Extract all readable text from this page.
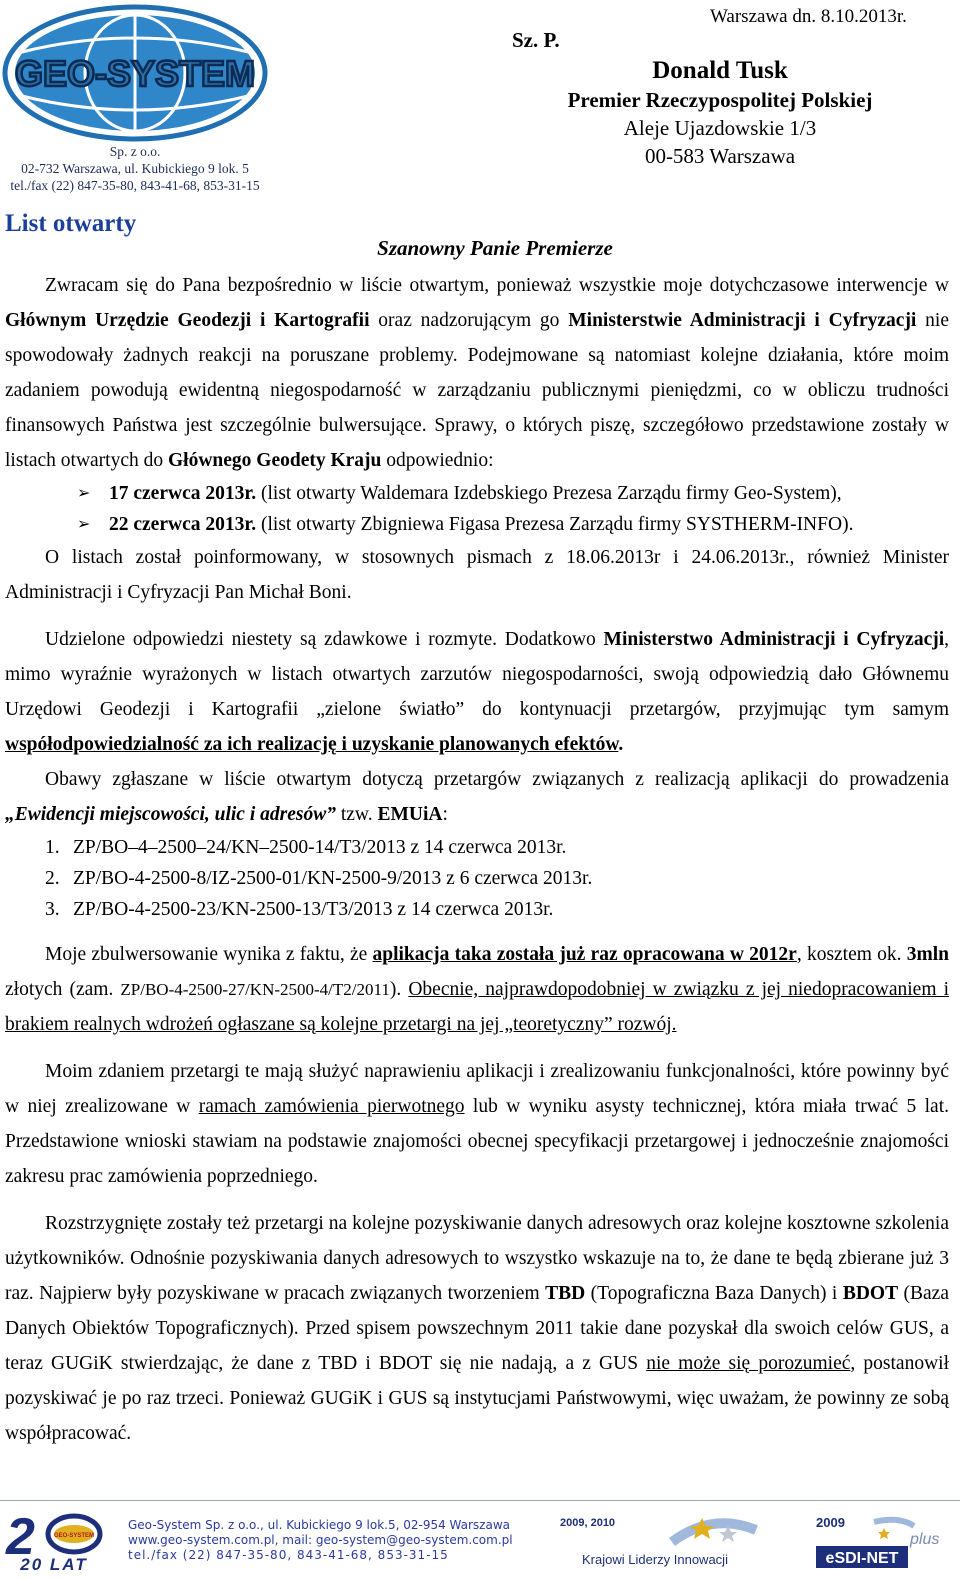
GEO-SYSTEM
Sp. z o.o.
02-732 Warszawa, ul. Kubickiego 9 lok. 5
tel./fax (22) 847-35-80, 843-41-68, 853-31-15
Sz. P.
Warszawa dn. 8.10.2013r.
Donald Tusk
Premier Rzeczypospolitej Polskiej
Aleje Ujazdowskie 1/3
00-583 Warszawa
List otwarty
Szanowny Panie Premierze

Zwracam się do Pana bezpośrednio w liście otwartym, ponieważ wszystkie moje dotychczasowe interwencje w Głównym Urzędzie Geodezji i Kartografii oraz nadzorującym go Ministerstwie Administracji i Cyfryzacji nie spowodowały żadnych reakcji na poruszane problemy. Podejmowane są natomiast kolejne działania, które moim zadaniem powodują ewidentną niegospodarność w zarządzaniu publicznymi pieniędzmi, co w obliczu trudności finansowych Państwa jest szczególnie bulwersujące. Sprawy, o których piszę, szczegółowo przedstawione zostały w listach otwartych do Głównego Geodety Kraju odpowiednio:

➢ 17 czerwca 2013r. (list otwarty Waldemara Izdebskiego Prezesa Zarządu firmy Geo-System),
➢ 22 czerwca 2013r. (list otwarty Zbigniewa Figasa Prezesa Zarządu firmy SYSTHERM-INFO).

O listach został poinformowany, w stosownych pismach z 18.06.2013r i 24.06.2013r., również Minister Administracji i Cyfryzacji Pan Michał Boni.

Udzielone odpowiedzi niestety są zdawkowe i rozmyte. Dodatkowo Ministerstwo Administracji i Cyfryzacji, mimo wyraźnie wyrażonych w listach otwartych zarzutów niegospodarności, swoją odpowiedzią dało Głównemu Urzędowi Geodezji i Kartografii „zielone światło” do kontynuacji przetargów, przyjmując tym samym współodpowiedzialność za ich realizację i uzyskanie planowanych efektów.

Obawy zgłaszane w liście otwartym dotyczą przetargów związanych z realizacją aplikacji do prowadzenia „Ewidencji miejscowości, ulic i adresów” tzw. EMUiA:

1. ZP/BO–4–2500–24/KN–2500-14/T3/2013 z 14 czerwca 2013r.
2. ZP/BO-4-2500-8/IZ-2500-01/KN-2500-9/2013 z 6 czerwca 2013r.
3. ZP/BO-4-2500-23/KN-2500-13/T3/2013 z 14 czerwca 2013r.

Moje zbulwersowanie wynika z faktu, że aplikacja taka została już raz opracowana w 2012r, kosztem ok. 3mln złotych (zam. ZP/BO-4-2500-27/KN-2500-4/T2/2011). Obecnie, najprawdopodobniej w związku z jej niedopracowaniem i brakiem realnych wdrożeń ogłaszane są kolejne przetargi na jej „teoretyczny” rozwój.

Moim zdaniem przetargi te mają służyć naprawieniu aplikacji i zrealizowaniu funkcjonalności, które powinny być w niej zrealizowane w ramach zamówienia pierwotnego lub w wyniku asysty technicznej, która miała trwać 5 lat. Przedstawione wnioski stawiam na podstawie znajomości obecnej specyfikacji przetargowej i jednocześnie znajomości zakresu prac zamówienia poprzedniego.

Rozstrzygnięte zostały też przetargi na kolejne pozyskiwanie danych adresowych oraz kolejne kosztowne szkolenia użytkowników. Odnośnie pozyskiwania danych adresowych to wszystko wskazuje na to, że dane te będą zbierane już 3 raz. Najpierw były pozyskiwane w pracach związanych tworzeniem TBD (Topograficzna Baza Danych) i BDOT (Baza Danych Obiektów Topograficznych). Przed spisem powszechnym 2011 takie dane pozyskał dla swoich celów GUS, a teraz GUGiK stwierdzając, że dane z TBD i BDOT się nie nadają, a z GUS nie może się porozumieć, postanowił pozyskiwać je po raz trzeci. Ponieważ GUGiK i GUS są instytucjami Państwowymi, więc uważam, że powinny ze sobą współpracować.

2	GEO-SYSTEM
20 LAT
Geo-System Sp. z o.o., ul. Kubickiego 9 lok.5, 02-954 Warszawa
www.geo-system.com.pl, mail: geo-system@geo-system.com.pl
tel./fax (22) 847-35-80, 843-41-68, 853-31-15
2009, 2010
Krajowi Liderzy Innowacji
2009
eSDI-NET
plus
